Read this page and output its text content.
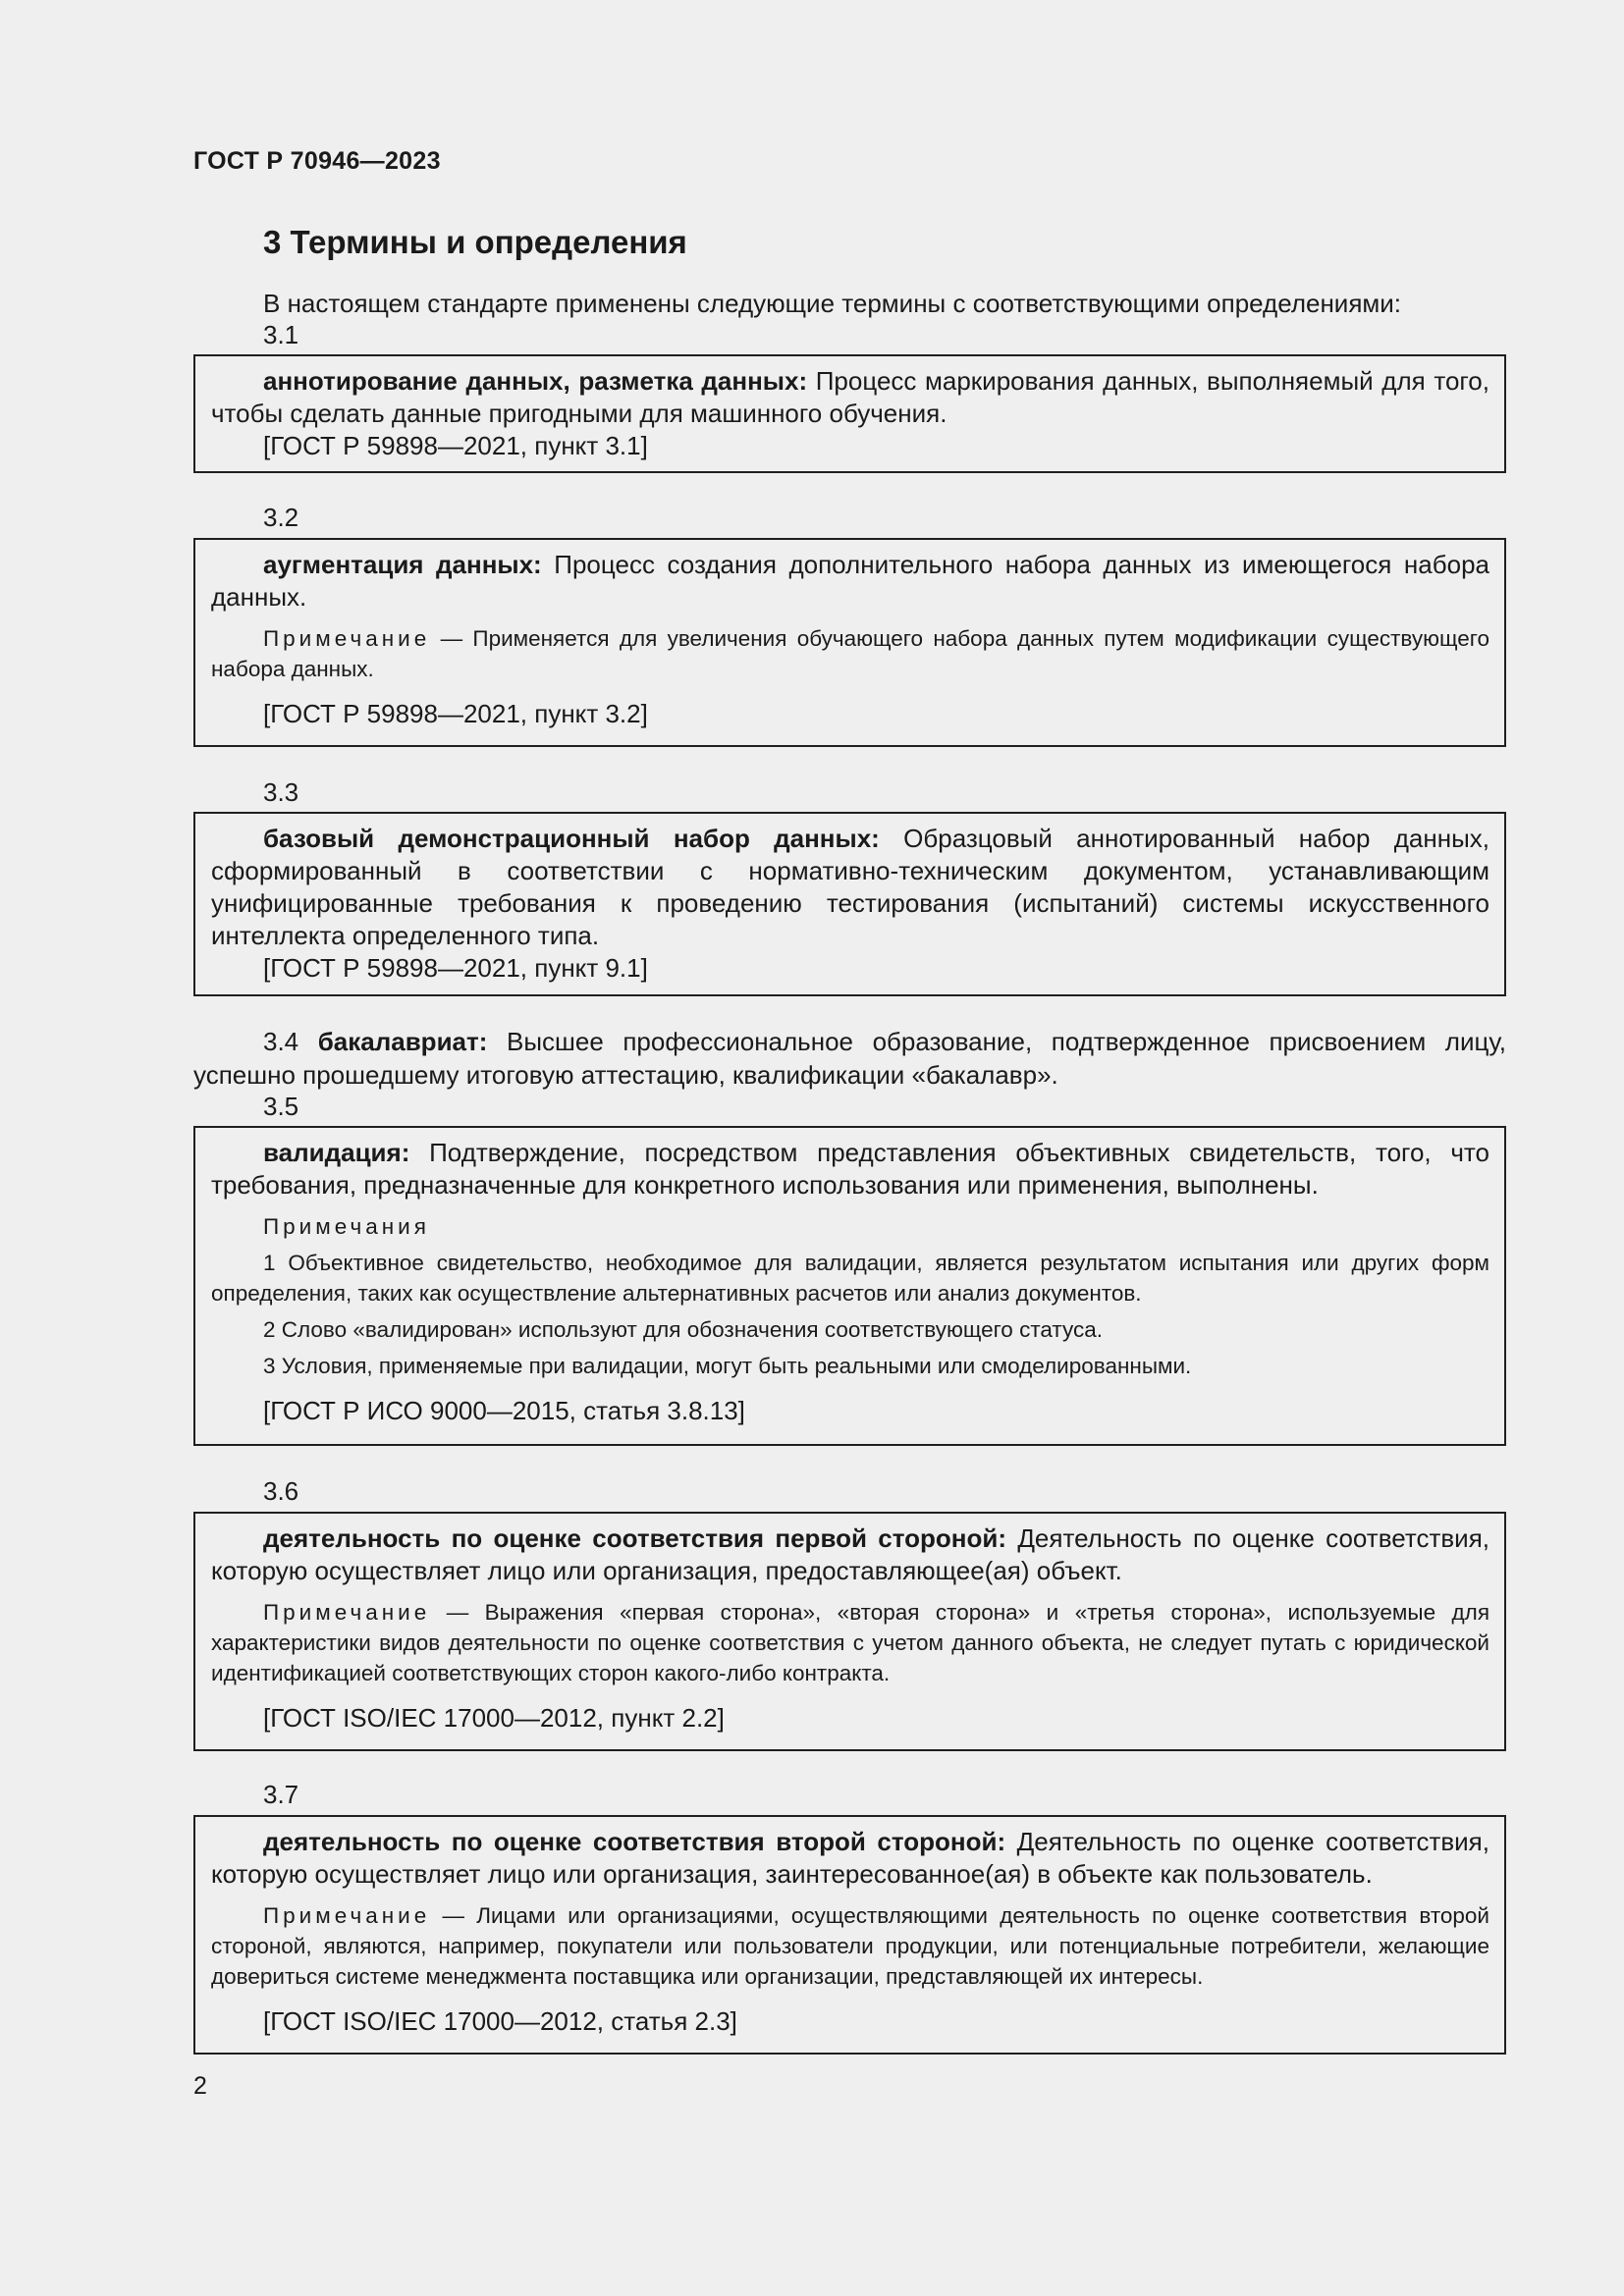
ГОСТ Р 70946—2023
3 Термины и определения
В настоящем стандарте применены следующие термины с соответствующими определениями:
3.1

аннотирование данных, разметка данных: Процесс маркирования данных, выполняемый для того, чтобы сделать данные пригодными для машинного обучения.

[ГОСТ Р 59898—2021, пункт 3.1]

3.2

аугментация данных: Процесс создания дополнительного набора данных из имеющегося набора данных.

Примечание — Применяется для увеличения обучающего набора данных путем модификации существующего набора данных.

[ГОСТ Р 59898—2021, пункт 3.2]

3.3

базовый демонстрационный набор данных: Образцовый аннотированный набор данных, сформированный в соответствии с нормативно-техническим документом, устанавливающим унифицированные требования к проведению тестирования (испытаний) системы искусственного интеллекта определенного типа.

[ГОСТ Р 59898—2021, пункт 9.1]

3.4 бакалавриат: Высшее профессиональное образование, подтвержденное присвоением лицу, успешно прошедшему итоговую аттестацию, квалификации «бакалавр».
3.5

валидация: Подтверждение, посредством представления объективных свидетельств, того, что требования, предназначенные для конкретного использования или применения, выполнены.

Примечания

1 Объективное свидетельство, необходимое для валидации, является результатом испытания или других форм определения, таких как осуществление альтернативных расчетов или анализ документов.

2 Слово «валидирован» используют для обозначения соответствующего статуса.

3 Условия, применяемые при валидации, могут быть реальными или смоделированными.

[ГОСТ Р ИСО 9000—2015, статья 3.8.13]

3.6

деятельность по оценке соответствия первой стороной: Деятельность по оценке соответствия, которую осуществляет лицо или организация, предоставляющее(ая) объект.

Примечание — Выражения «первая сторона», «вторая сторона» и «третья сторона», используемые для характеристики видов деятельности по оценке соответствия с учетом данного объекта, не следует путать с юридической идентификацией соответствующих сторон какого-либо контракта.

[ГОСТ ISO/IEC 17000—2012, пункт 2.2]

3.7

деятельность по оценке соответствия второй стороной: Деятельность по оценке соответствия, которую осуществляет лицо или организация, заинтересованное(ая) в объекте как пользователь.

Примечание — Лицами или организациями, осуществляющими деятельность по оценке соответствия второй стороной, являются, например, покупатели или пользователи продукции, или потенциальные потребители, желающие довериться системе менеджмента поставщика или организации, представляющей их интересы.

[ГОСТ ISO/IEC 17000—2012, статья 2.3]

2
